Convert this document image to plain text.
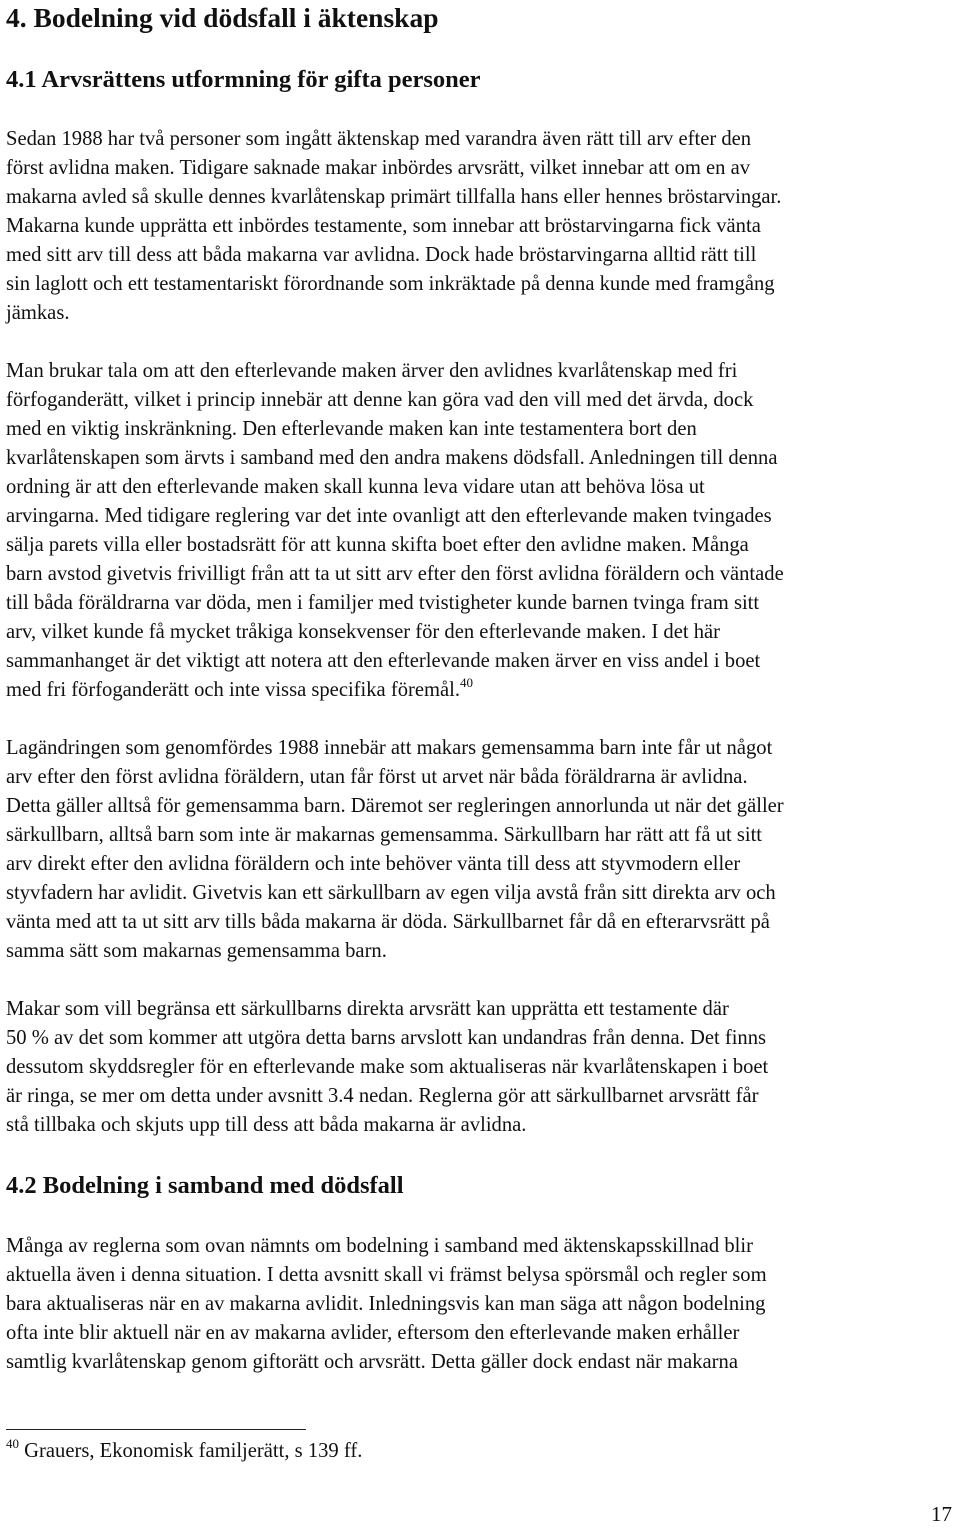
4. Bodelning vid dödsfall i äktenskap
4.1 Arvsrättens utformning för gifta personer
Sedan 1988 har två personer som ingått äktenskap med varandra även rätt till arv efter den
först avlidna maken. Tidigare saknade makar inbördes arvsrätt, vilket innebar att om en av
makarna avled så skulle dennes kvarlåtenskap primärt tillfalla hans eller hennes bröstarvingar.
Makarna kunde upprätta ett inbördes testamente, som innebar att bröstarvingarna fick vänta
med sitt arv till dess att båda makarna var avlidna. Dock hade bröstarvingarna alltid rätt till
sin laglott och ett testamentariskt förordnande som inkräktade på denna kunde med framgång
jämkas.
Man brukar tala om att den efterlevande maken ärver den avlidnes kvarlåtenskap med fri
förfoganderätt, vilket i princip innebär att denne kan göra vad den vill med det ärvda, dock
med en viktig inskränkning. Den efterlevande maken kan inte testamentera bort den
kvarlåtenskapen som ärvts i samband med den andra makens dödsfall. Anledningen till denna
ordning är att den efterlevande maken skall kunna leva vidare utan att behöva lösa ut
arvingarna. Med tidigare reglering var det inte ovanligt att den efterlevande maken tvingades
sälja parets villa eller bostadsrätt för att kunna skifta boet efter den avlidne maken. Många
barn avstod givetvis frivilligt från att ta ut sitt arv efter den först avlidna föräldern och väntade
till båda föräldrarna var döda, men i familjer med tvistigheter kunde barnen tvinga fram sitt
arv, vilket kunde få mycket tråkiga konsekvenser för den efterlevande maken. I det här
sammanhanget är det viktigt att notera att den efterlevande maken ärver en viss andel i boet
med fri förfoganderätt och inte vissa specifika föremål.$^{40}$
Lagändringen som genomfördes 1988 innebär att makars gemensamma barn inte får ut något
arv efter den först avlidna föräldern, utan får först ut arvet när båda föräldrarna är avlidna.
Detta gäller alltså för gemensamma barn. Däremot ser regleringen annorlunda ut när det gäller
särkullbarn, alltså barn som inte är makarnas gemensamma. Särkullbarn har rätt att få ut sitt
arv direkt efter den avlidna föräldern och inte behöver vänta till dess att styvmodern eller
styvfadern har avlidit. Givetvis kan ett särkullbarn av egen vilja avstå från sitt direkta arv och
vänta med att ta ut sitt arv tills båda makarna är döda. Särkullbarnet får då en efterarvsrätt på
samma sätt som makarnas gemensamma barn.
Makar som vill begränsa ett särkullbarns direkta arvsrätt kan upprätta ett testamente där
50 % av det som kommer att utgöra detta barns arvslott kan undandras från denna. Det finns
dessutom skyddsregler för en efterlevande make som aktualiseras när kvarlåtenskapen i boet
är ringa, se mer om detta under avsnitt 3.4 nedan. Reglerna gör att särkullbarnet arvsrätt får
stå tillbaka och skjuts upp till dess att båda makarna är avlidna.
4.2 Bodelning i samband med dödsfall
Många av reglerna som ovan nämnts om bodelning i samband med äktenskapsskillnad blir
aktuella även i denna situation. I detta avsnitt skall vi främst belysa spörsmål och regler som
bara aktualiseras när en av makarna avlidit. Inledningsvis kan man säga att någon bodelning
ofta inte blir aktuell när en av makarna avlider, eftersom den efterlevande maken erhåller
samtlig kvarlåtenskap genom giftorätt och arvsrätt. Detta gäller dock endast när makarna
$^{40}$ Grauers, Ekonomisk familjerätt, s 139 ff.
17
